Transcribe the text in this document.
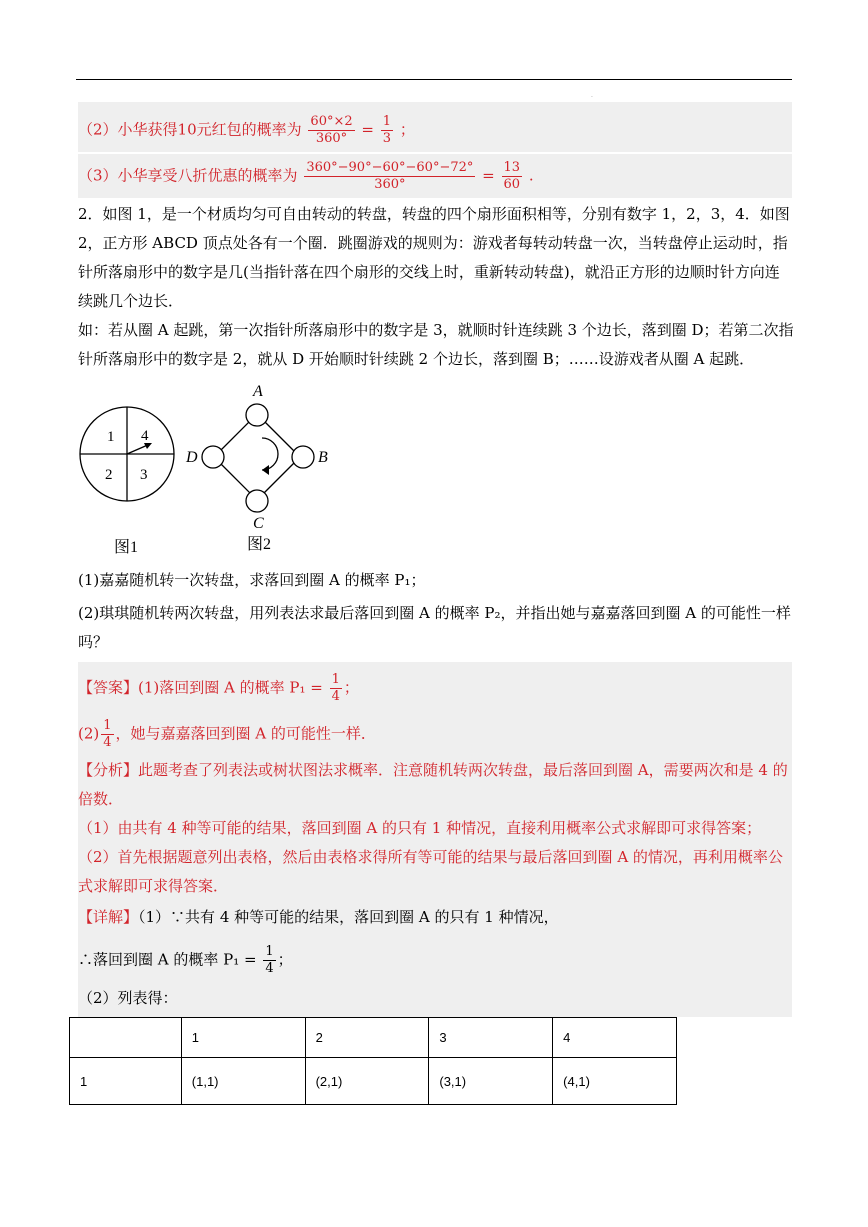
.
（2）小华获得10元红包的概率为 $\frac{60^\circ\times 2}{360^\circ} = \frac{1}{3}$ ；
（3）小华享受八折优惠的概率为 $\frac{360^\circ-90^\circ-60^\circ-60^\circ-72^\circ}{360^\circ} = \frac{13}{60}$ .
2．如图 1，是一个材质均匀可自由转动的转盘，转盘的四个扇形面积相等，分别有数字 1，2，3，4．如图
2，正方形 ABCD 顶点处各有一个圈．跳圈游戏的规则为：游戏者每转动转盘一次，当转盘停止运动时，指
针所落扇形中的数字是几(当指针落在四个扇形的交线上时，重新转动转盘)，就沿正方形的边顺时针方向连
续跳几个边长．
如：若从圈 A 起跳，第一次指针所落扇形中的数字是 3，就顺时针连续跳 3 个边长，落到圈 D；若第二次指
针所落扇形中的数字是 2，就从 D 开始顺时针续跳 2 个边长，落到圈 B；……设游戏者从圈 A 起跳．
1 4
2 3
图1
A
B
C
D
图2
(1)嘉嘉随机转一次转盘，求落回到圈 A 的概率 P₁；
(2)琪琪随机转两次转盘，用列表法求最后落回到圈 A 的概率 P₂，并指出她与嘉嘉落回到圈 A 的可能性一样
吗？
【答案】(1)落回到圈 A 的概率 $P_1 = \frac{1}{4}$ ；
$(2) \frac{1}{4}$ ，她与嘉嘉落回到圈 A 的可能性一样．
【分析】此题考查了列表法或树状图法求概率．注意随机转两次转盘，最后落回到圈 A，需要两次和是 4 的
倍数．
（1）由共有 4 种等可能的结果，落回到圈 A 的只有 1 种情况，直接利用概率公式求解即可求得答案；
（2）首先根据题意列出表格，然后由表格求得所有等可能的结果与最后落回到圈 A 的情况，再利用概率公
式求解即可求得答案．
【详解】（1）∵共有 4 种等可能的结果，落回到圈 A 的只有 1 种情况，
∴落回到圈 A 的概率 $P_1 = \frac{1}{4}$ ；
（2）列表得：
	1	2	3	4
1	(1,1)	(2,1)	(3,1)	(4,1)
